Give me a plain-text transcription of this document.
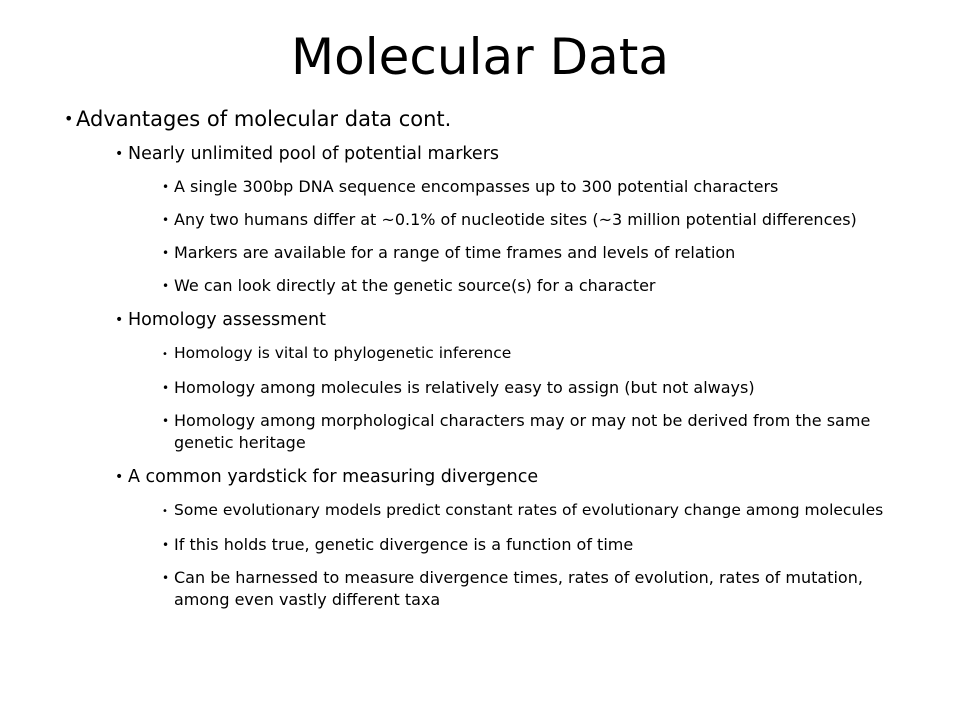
Molecular Data
• Advantages of molecular data cont.
• Nearly unlimited pool of potential markers
• A single 300bp DNA sequence encompasses up to 300 potential characters
• Any two humans differ at ~0.1% of nucleotide sites (~3 million potential differences)
• Markers are available for a range of time frames and levels of relation
• We can look directly at the genetic source(s) for a character
• Homology assessment
• Homology is vital to phylogenetic inference
• Homology among molecules is relatively easy to assign (but not always)
• Homology among morphological characters may or may not be derived from the same genetic heritage
• A common yardstick for measuring divergence
• Some evolutionary models predict constant rates of evolutionary change among molecules
• If this holds true, genetic divergence is a function of time
• Can be harnessed to measure divergence times, rates of evolution, rates of mutation, among even vastly different taxa
